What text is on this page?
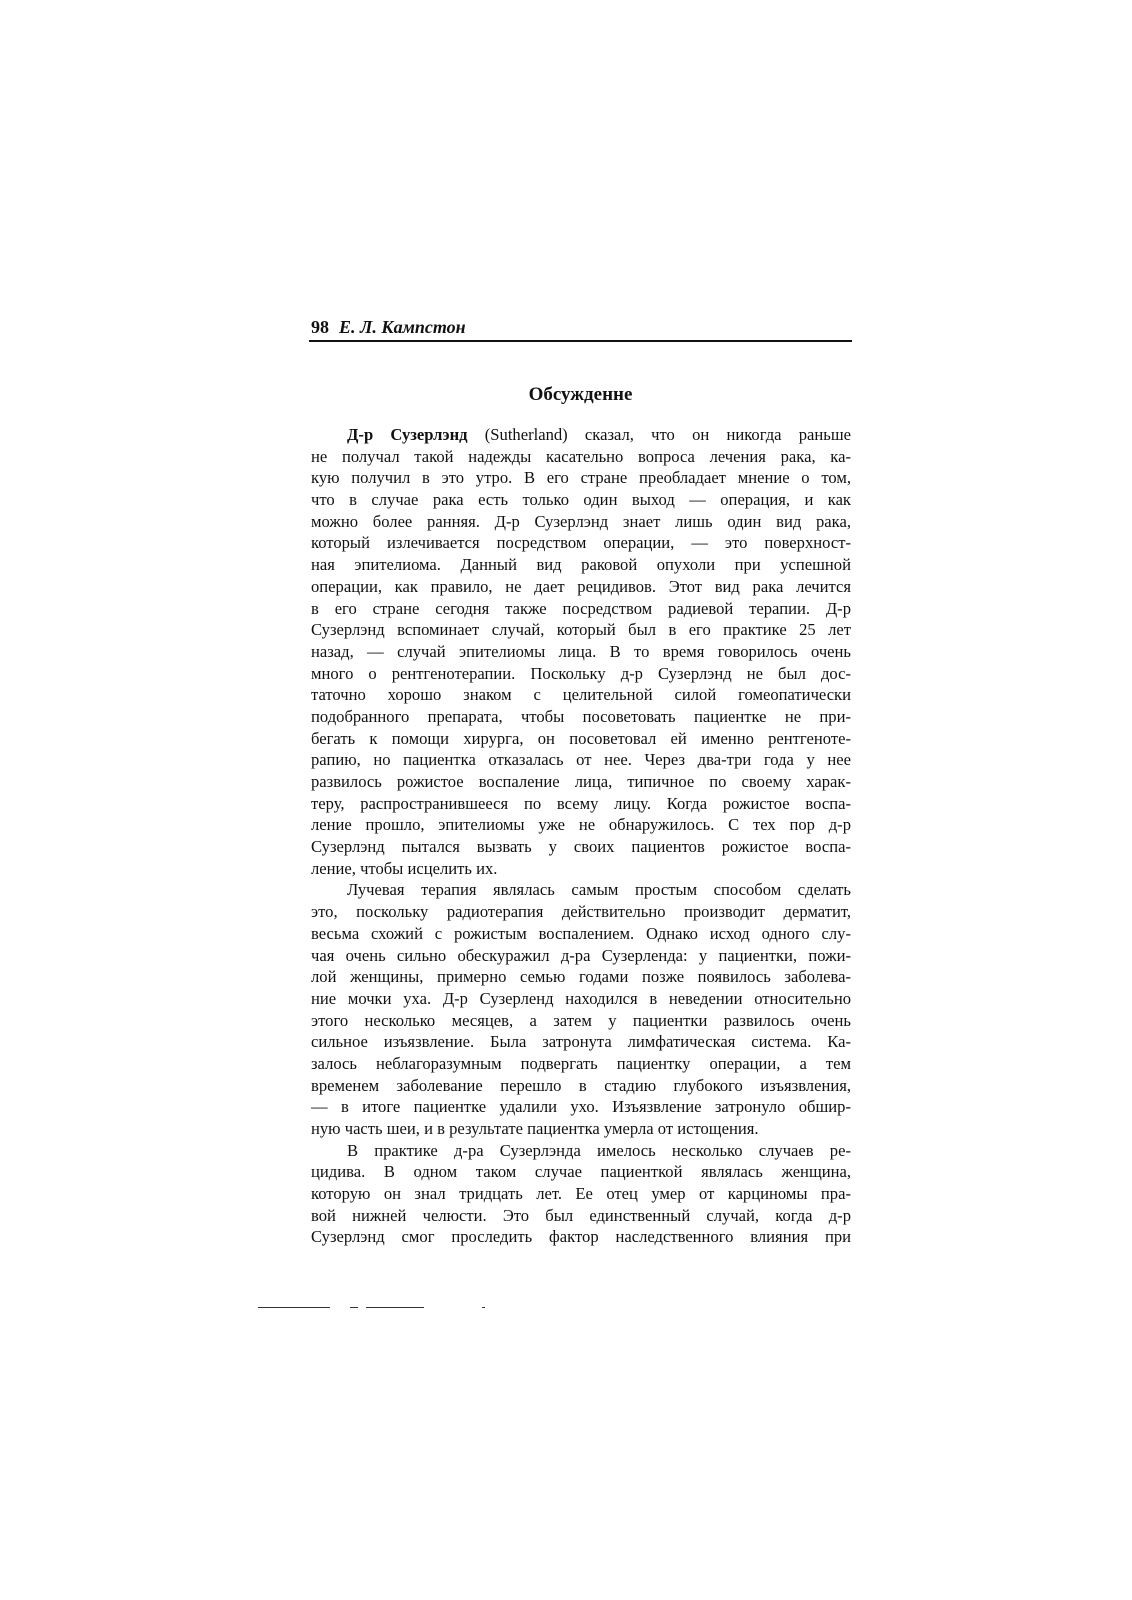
98 Е. Л. Кампстон
Обсужденне
Д-р Сузерлэнд (Sutherland) сказал, что он никогда раньше
не получал такой надежды касательно вопроса лечения рака, ка-
кую получил в это утро. В его стране преобладает мнение о том,
что в случае рака есть только один выход — операция, и как
можно более ранняя. Д-р Сузерлэнд знает лишь один вид рака,
который излечивается посредством операции, — это поверхност-
ная эпителиома. Данный вид раковой опухоли при успешной
операции, как правило, не дает рецидивов. Этот вид рака лечится
в его стране сегодня также посредством радиевой терапии. Д-р
Сузерлэнд вспоминает случай, который был в его практике 25 лет
назад, — случай эпителиомы лица. В то время говорилось очень
много о рентгенотерапии. Поскольку д-р Сузерлэнд не был дос-
таточно хорошо знаком с целительной силой гомеопатически
подобранного препарата, чтобы посоветовать пациентке не при-
бегать к помощи хирурга, он посоветовал ей именно рентгеноте-
рапию, но пациентка отказалась от нее. Через два-три года у нее
развилось рожистое воспаление лица, типичное по своему харак-
теру, распространившееся по всему лицу. Когда рожистое воспа-
ление прошло, эпителиомы уже не обнаружилось. С тех пор д-р
Сузерлэнд пытался вызвать у своих пациентов рожистое воспа-
ление, чтобы исцелить их.
Лучевая терапия являлась самым простым способом сделать
это, поскольку радиотерапия действительно производит дерматит,
весьма схожий с рожистым воспалением. Однако исход одного слу-
чая очень сильно обескуражил д-ра Сузерленда: у пациентки, пожи-
лой женщины, примерно семью годами позже появилось заболева-
ние мочки уха. Д-р Сузерленд находился в неведении относительно
этого несколько месяцев, а затем у пациентки развилось очень
сильное изъязвление. Была затронута лимфатическая система. Ка-
залось неблагоразумным подвергать пациентку операции, а тем
временем заболевание перешло в стадию глубокого изъязвления,
— в итоге пациентке удалили ухо. Изъязвление затронуло обшир-
ную часть шеи, и в результате пациентка умерла от истощения.
В практике д-ра Сузерлэнда имелось несколько случаев ре-
цидива. В одном таком случае пациенткой являлась женщина,
которую он знал тридцать лет. Ее отец умер от карциномы пра-
вой нижней челюсти. Это был единственный случай, когда д-р
Сузерлэнд смог проследить фактор наследственного влияния при
